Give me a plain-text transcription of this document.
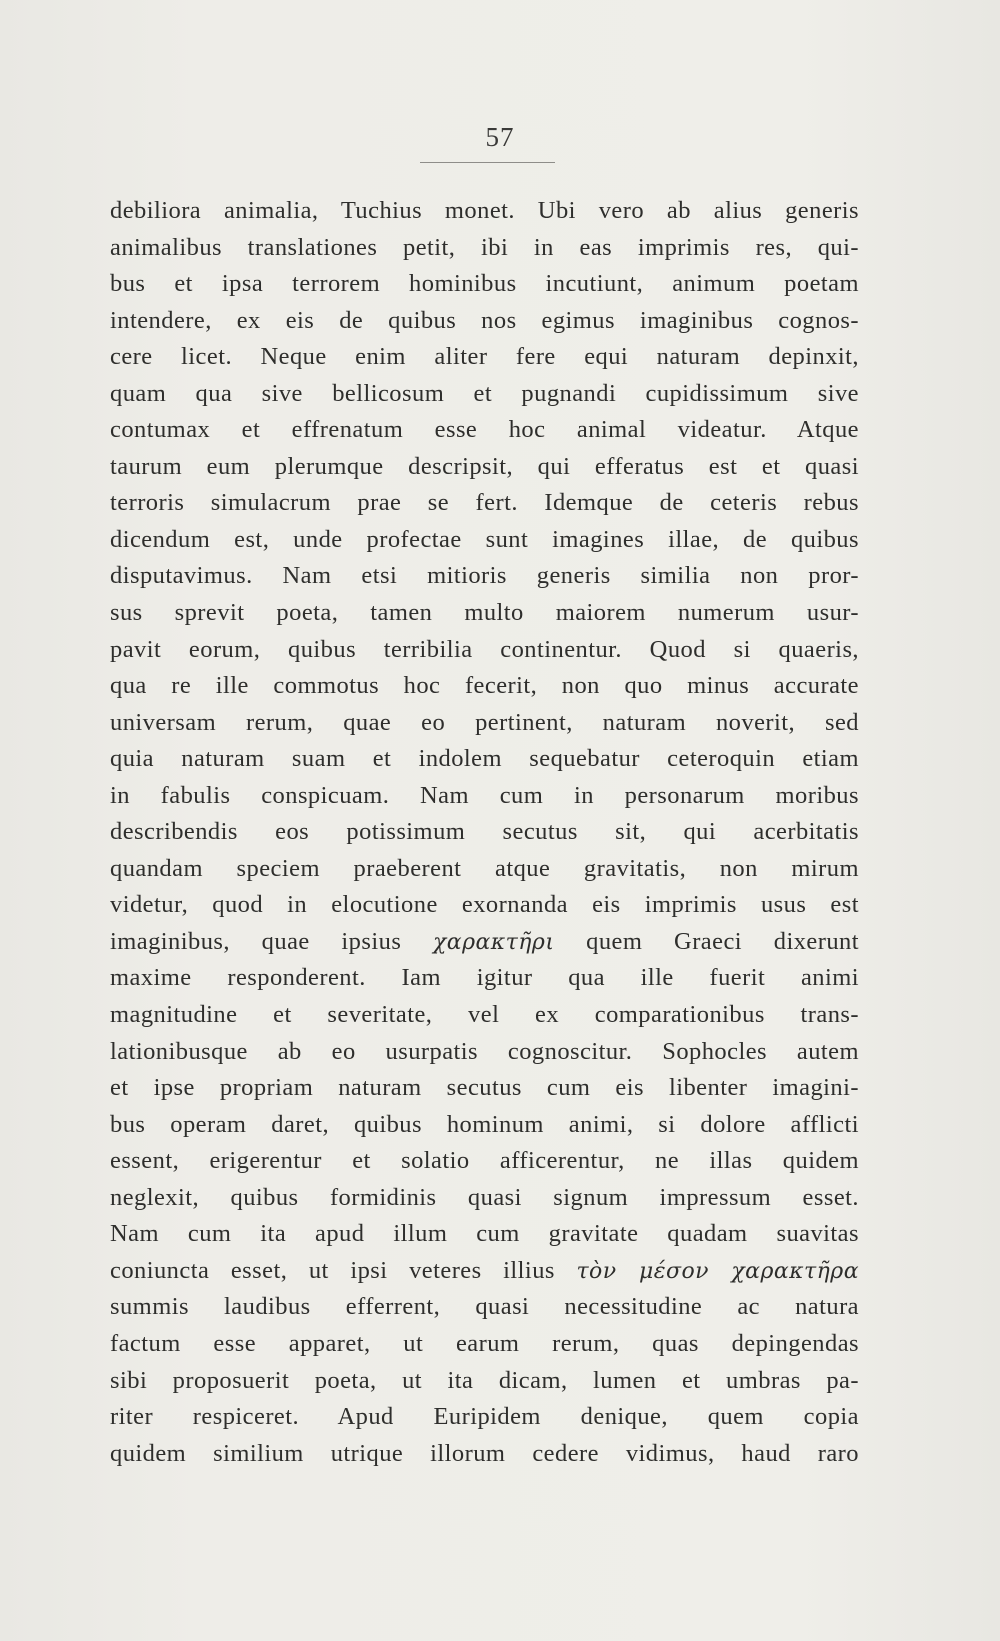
57
debiliora animalia, Tuchius monet. Ubi vero ab alius generis
animalibus translationes petit, ibi in eas imprimis res, qui-
bus et ipsa terrorem hominibus incutiunt, animum poetam
intendere, ex eis de quibus nos egimus imaginibus cognos-
cere licet. Neque enim aliter fere equi naturam depinxit,
quam qua sive bellicosum et pugnandi cupidissimum sive
contumax et effrenatum esse hoc animal videatur. Atque
taurum eum plerumque descripsit, qui efferatus est et quasi
terroris simulacrum prae se fert. Idemque de ceteris rebus
dicendum est, unde profectae sunt imagines illae, de quibus
disputavimus. Nam etsi mitioris generis similia non pror-
sus sprevit poeta, tamen multo maiorem numerum usur-
pavit eorum, quibus terribilia continentur. Quod si quaeris,
qua re ille commotus hoc fecerit, non quo minus accurate
universam rerum, quae eo pertinent, naturam noverit, sed
quia naturam suam et indolem sequebatur ceteroquin etiam
in fabulis conspicuam. Nam cum in personarum moribus
describendis eos potissimum secutus sit, qui acerbitatis
quandam speciem praeberent atque gravitatis, non mirum
videtur, quod in elocutione exornanda eis imprimis usus est
imaginibus, quae ipsius χαρακτῆρι quem Graeci dixerunt
maxime responderent. Iam igitur qua ille fuerit animi
magnitudine et severitate, vel ex comparationibus trans-
lationibusque ab eo usurpatis cognoscitur. Sophocles autem
et ipse propriam naturam secutus cum eis libenter imagini-
bus operam daret, quibus hominum animi, si dolore afflicti
essent, erigerentur et solatio afficerentur, ne illas quidem
neglexit, quibus formidinis quasi signum impressum esset.
Nam cum ita apud illum cum gravitate quadam suavitas
coniuncta esset, ut ipsi veteres illius τὸν μέσον χαρακτῆρα
summis laudibus efferrent, quasi necessitudine ac natura
factum esse apparet, ut earum rerum, quas depingendas
sibi proposuerit poeta, ut ita dicam, lumen et umbras pa-
riter respiceret. Apud Euripidem denique, quem copia
quidem similium utrique illorum cedere vidimus, haud raro
